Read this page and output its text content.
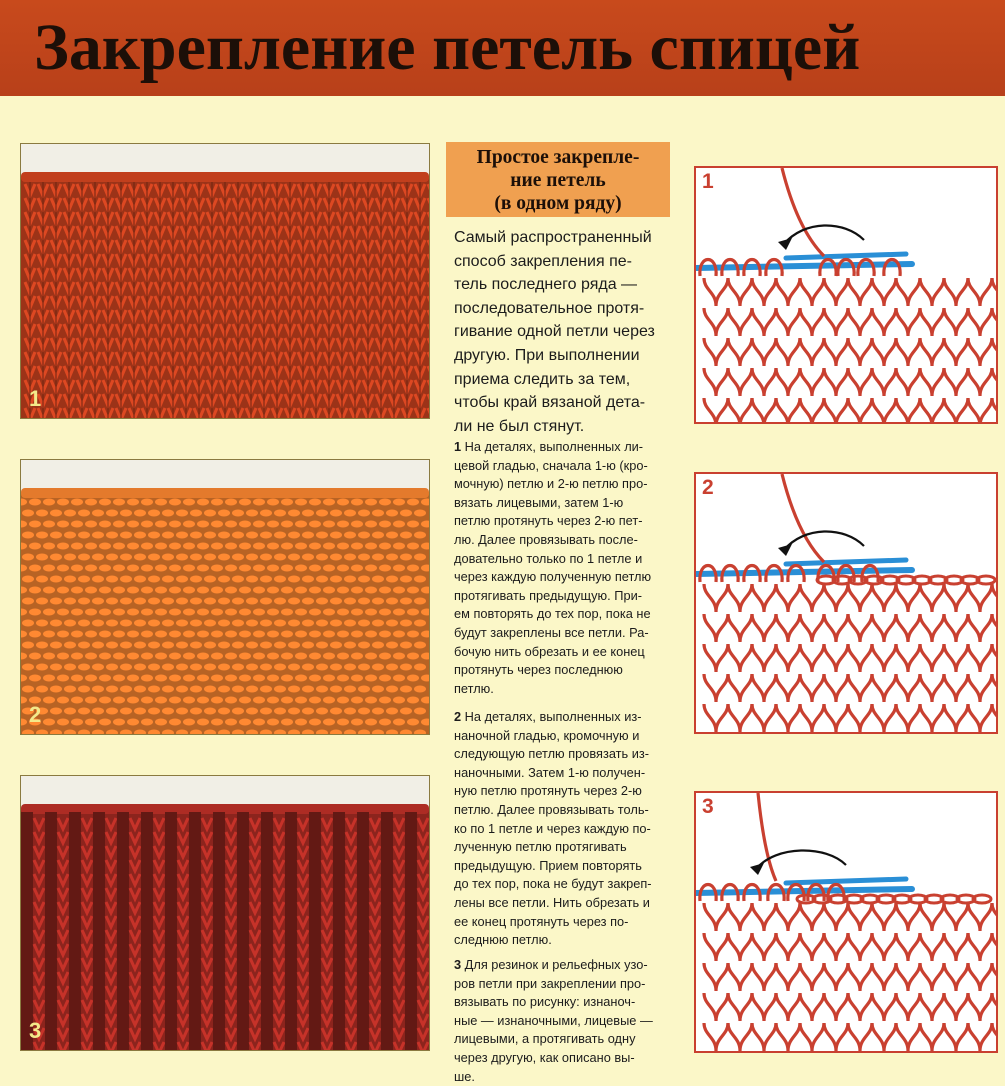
Закрепление петель спицей
1
2
3
Простое закрепле-
ние петель
(в одном ряду)
Самый распространенный
способ закрепления пе-
тель последнего ряда —
последовательное протя-
гивание одной петли через
другую. При выполнении
приема следить за тем,
чтобы край вязаной дета-
ли не был стянут.
1 На деталях, выполненных ли-
цевой гладью, сначала 1-ю (кро-
мочную) петлю и 2-ю петлю про-
вязать лицевыми, затем 1-ю
петлю протянуть через 2-ю пет-
лю. Далее провязывать после-
довательно только по 1 петле и
через каждую полученную петлю
протягивать предыдущую. При-
ем повторять до тех пор, пока не
будут закреплены все петли. Ра-
бочую нить обрезать и ее конец
протянуть через последнюю
петлю.
2 На деталях, выполненных из-
наночной гладью, кромочную и
следующую петлю провязать из-
наночными. Затем 1-ю получен-
ную петлю протянуть через 2-ю
петлю. Далее провязывать толь-
ко по 1 петле и через каждую по-
лученную петлю протягивать
предыдущую. Прием повторять
до тех пор, пока не будут закреп-
лены все петли. Нить обрезать и
ее конец протянуть через по-
следнюю петлю.
3 Для резинок и рельефных узо-
ров петли при закреплении про-
вязывать по рисунку: изнаноч-
ные — изнаночными, лицевые —
лицевыми, а протягивать одну
через другую, как описано вы-
ше.
1
2
3
